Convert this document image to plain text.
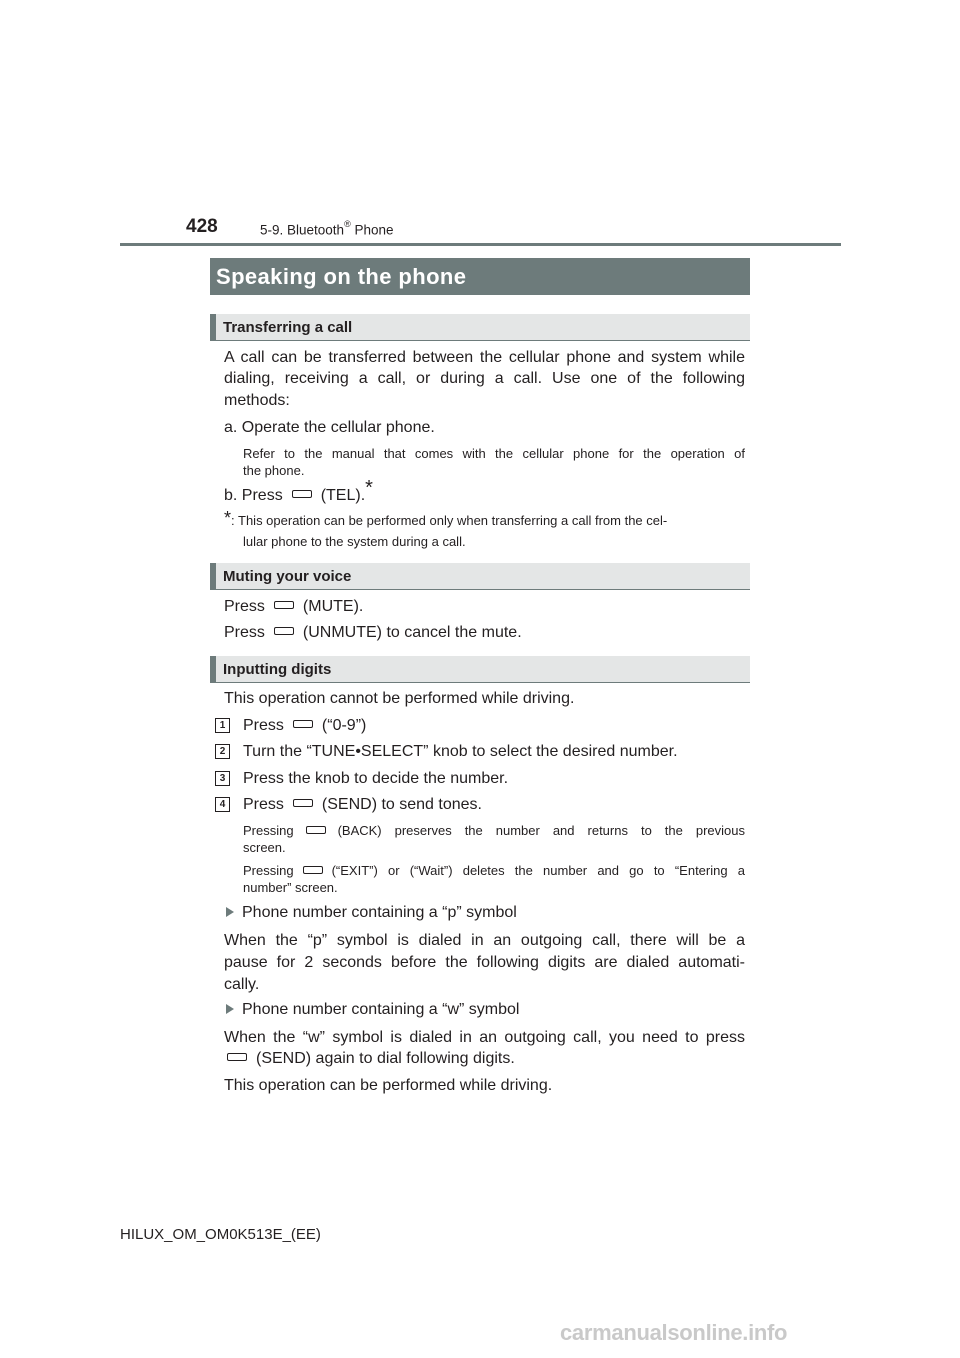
428	5-9. Bluetooth® Phone
Speaking on the phone
Transferring a call
A call can be transferred between the cellular phone and system while
dialing, receiving a call, or during a call. Use one of the following
methods:
a. Operate the cellular phone.
Refer to the manual that comes with the cellular phone for the operation of
the phone.
b. Press (TEL).*
*: This operation can be performed only when transferring a call from the cel-
lular phone to the system during a call.
Muting your voice
Press (MUTE).
Press (UNMUTE) to cancel the mute.
Inputting digits
This operation cannot be performed while driving.
1 Press (“0-9”)
2 Turn the “TUNE•SELECT” knob to select the desired number.
3 Press the knob to decide the number.
4 Press (SEND) to send tones.
Pressing	(BACK) preserves the number and returns to the previous
screen.
Pressing	(“EXIT”) or (“Wait”) deletes the number and go to “Entering a
number” screen.
Phone number containing a “p” symbol
When the “p” symbol is dialed in an outgoing call, there will be a
pause for 2 seconds before the following digits are dialed automati-
cally.
Phone number containing a “w” symbol
When the “w” symbol is dialed in an outgoing call, you need to press
(SEND) again to dial following digits.
This operation can be performed while driving.
HILUX_OM_OM0K513E_(EE)
carmanualsonline.info
